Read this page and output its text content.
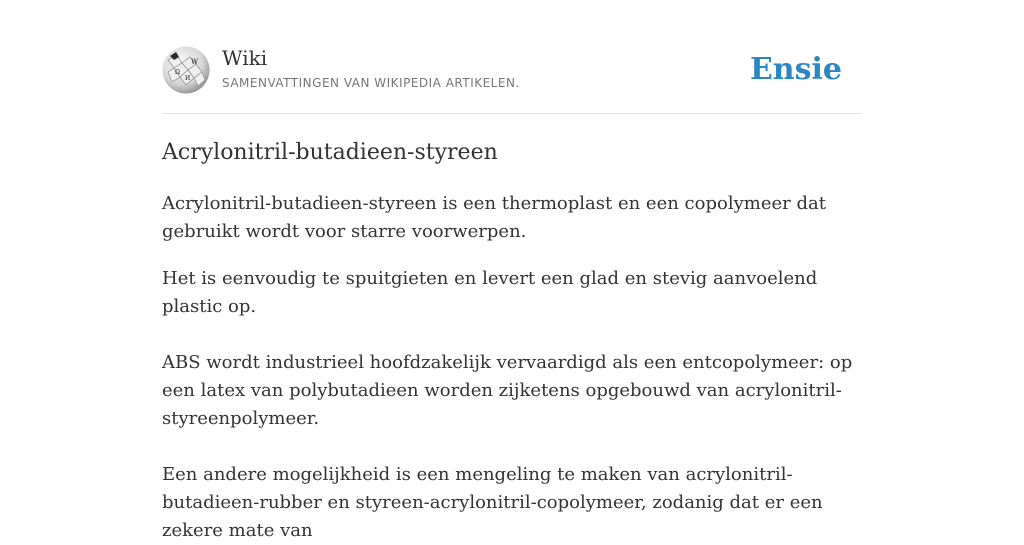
W
Ω
И
Wiki
SAMENVATTINGEN VAN WIKIPEDIA ARTIKELEN.	Ensie
Acrylonitril-butadieen-styreen

Acrylonitril-butadieen-styreen is een thermoplast en een copolymeer dat gebruikt wordt voor starre voorwerpen.

Het is eenvoudig te spuitgieten en levert een glad en stevig aanvoelend plastic op.

ABS wordt industrieel hoofdzakelijk vervaardigd als een entcopolymeer: op een latex van polybutadieen worden zijketens opgebouwd van acrylonitril-styreenpolymeer.

Een andere mogelijkheid is een mengeling te maken van acrylonitril-butadieen-rubber en styreen-acrylonitril-copolymeer, zodanig dat er een zekere mate van
